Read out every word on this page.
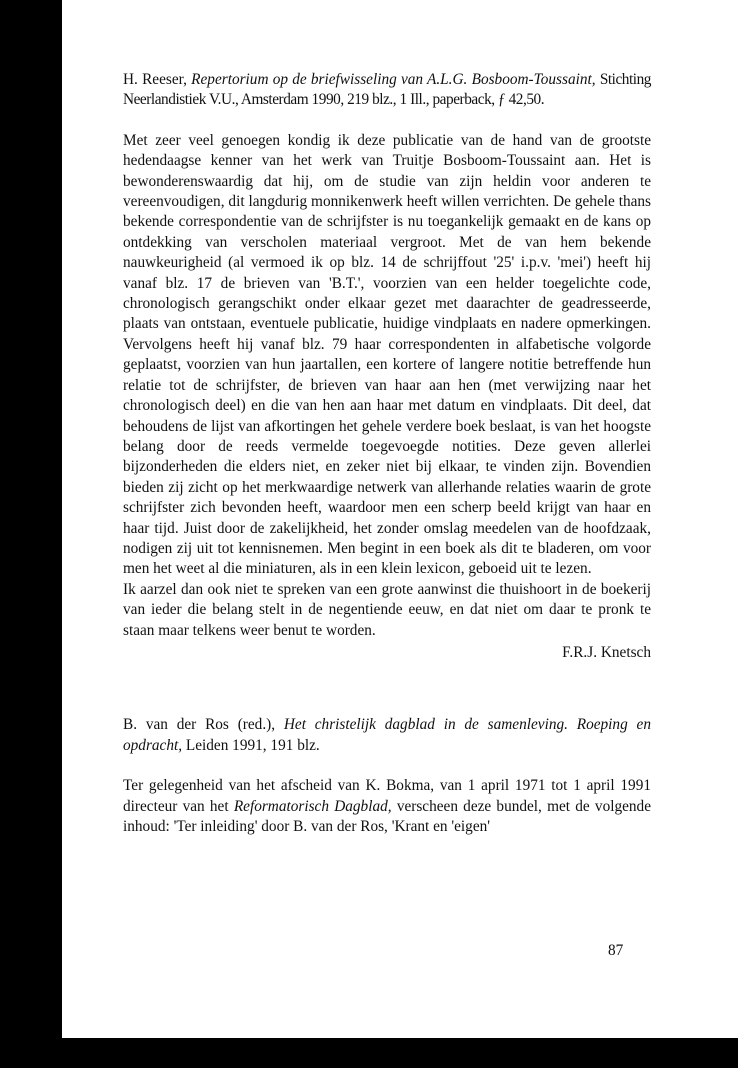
H. Reeser, Repertorium op de briefwisseling van A.L.G. Bosboom-Toussaint, Stichting Neerlandistiek V.U., Amsterdam 1990, 219 blz., 1 Ill., paperback, ƒ 42,50.

Met zeer veel genoegen kondig ik deze publicatie van de hand van de grootste hedendaagse kenner van het werk van Truitje Bosboom-Toussaint aan. Het is bewonderenswaardig dat hij, om de studie van zijn heldin voor anderen te vereenvoudigen, dit langdurig monnikenwerk heeft willen verrichten. De gehele thans bekende correspondentie van de schrijfster is nu toegankelijk gemaakt en de kans op ontdekking van verscholen materiaal vergroot. Met de van hem bekende nauwkeurigheid (al vermoed ik op blz. 14 de schrijffout '25' i.p.v. 'mei') heeft hij vanaf blz. 17 de brieven van 'B.T.', voorzien van een helder toegelichte code, chronologisch gerangschikt onder elkaar gezet met daarachter de geadresseerde, plaats van ontstaan, eventuele publicatie, huidige vindplaats en nadere opmerkingen. Vervolgens heeft hij vanaf blz. 79 haar correspondenten in alfabetische volgorde geplaatst, voorzien van hun jaartallen, een kortere of langere notitie betreffende hun relatie tot de schrijfster, de brieven van haar aan hen (met verwijzing naar het chronologisch deel) en die van hen aan haar met datum en vindplaats. Dit deel, dat behoudens de lijst van afkortingen het gehele verdere boek beslaat, is van het hoogste belang door de reeds vermelde toegevoegde notities. Deze geven allerlei bijzonderheden die elders niet, en zeker niet bij elkaar, te vinden zijn. Bovendien bieden zij zicht op het merkwaardige netwerk van allerhande relaties waarin de grote schrijfster zich bevonden heeft, waardoor men een scherp beeld krijgt van haar en haar tijd. Juist door de zakelijkheid, het zonder omslag meedelen van de hoofdzaak, nodigen zij uit tot kennisnemen. Men begint in een boek als dit te bladeren, om voor men het weet al die miniaturen, als in een klein lexicon, geboeid uit te lezen.

Ik aarzel dan ook niet te spreken van een grote aanwinst die thuishoort in de boekerij van ieder die belang stelt in de negentiende eeuw, en dat niet om daar te pronk te staan maar telkens weer benut te worden.

F.R.J. Knetsch

B. van der Ros (red.), Het christelijk dagblad in de samenleving. Roeping en opdracht, Leiden 1991, 191 blz.

Ter gelegenheid van het afscheid van K. Bokma, van 1 april 1971 tot 1 april 1991 directeur van het Reformatorisch Dagblad, verscheen deze bundel, met de volgende inhoud: 'Ter inleiding' door B. van der Ros, 'Krant en 'eigen'

87
